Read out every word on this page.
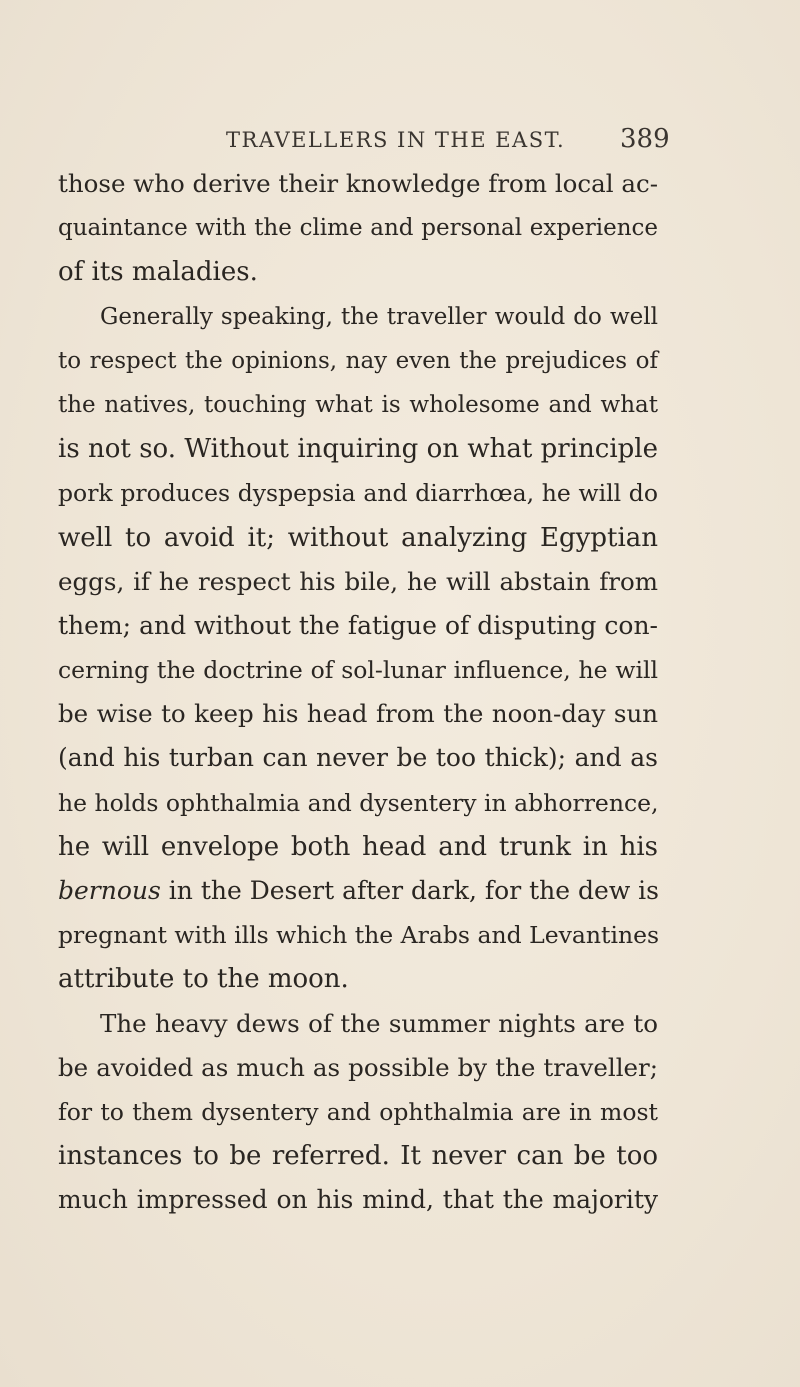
TRAVELLERS IN THE EAST.	389
those who derive their knowledge from local ac-
quaintance with the clime and personal experience
of its maladies.
Generally speaking, the traveller would do well
to respect the opinions, nay even the prejudices of
the natives, touching what is wholesome and what
is not so. Without inquiring on what principle
pork produces dyspepsia and diarrhœa, he will do
well to avoid it; without analyzing Egyptian
eggs, if he respect his bile, he will abstain from
them; and without the fatigue of disputing con-
cerning the doctrine of sol-lunar influence, he will
be wise to keep his head from the noon-day sun
(and his turban can never be too thick); and as
he holds ophthalmia and dysentery in abhorrence,
he will envelope both head and trunk in his
bernous in the Desert after dark, for the dew is
pregnant with ills which the Arabs and Levantines
attribute to the moon.
The heavy dews of the summer nights are to
be avoided as much as possible by the traveller;
for to them dysentery and ophthalmia are in most
instances to be referred. It never can be too
much impressed on his mind, that the majority
